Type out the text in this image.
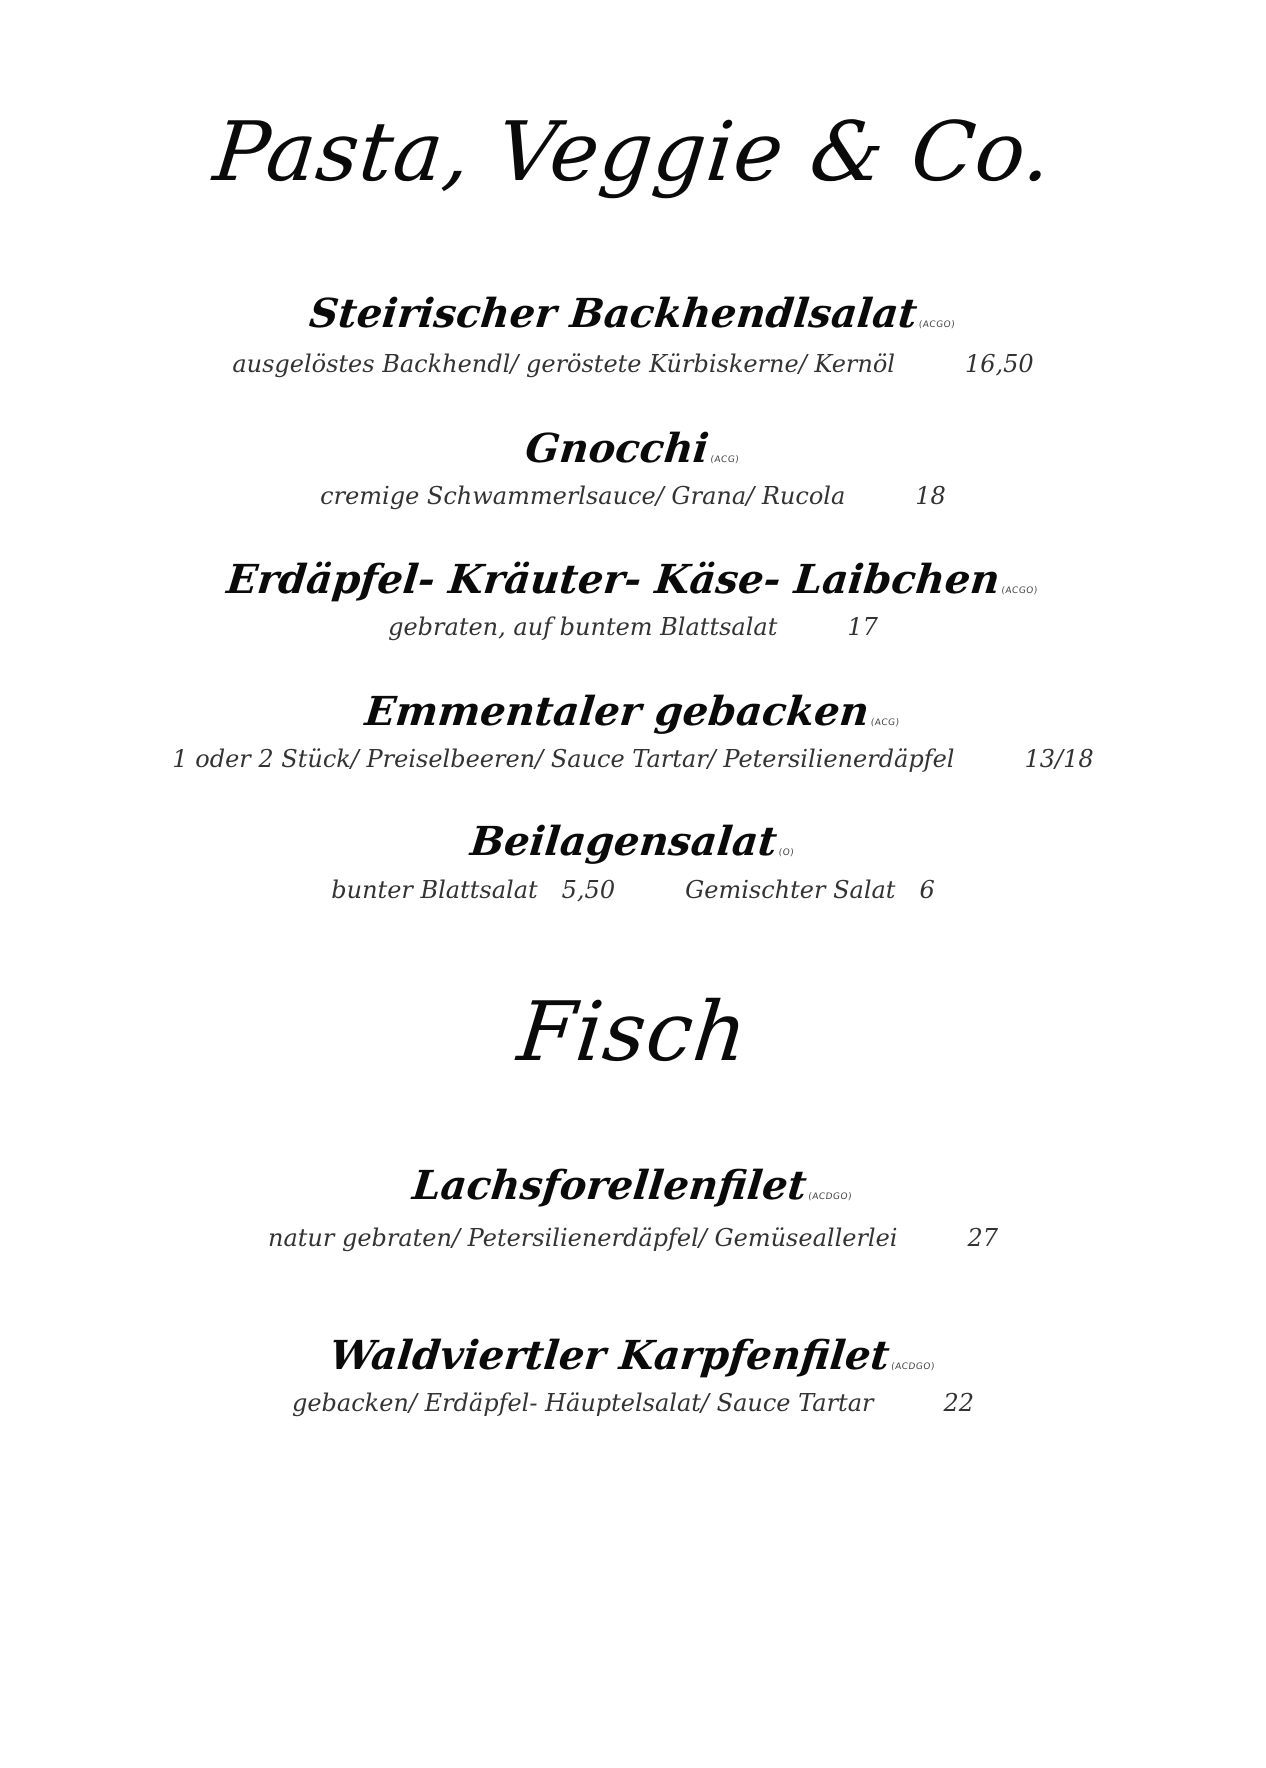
Pasta, Veggie & Co.
Steirischer Backhendlsalat(ACGO)
ausgelöstes Backhendl/ geröstete Kürbiskerne/ Kernöl	16,50
Gnocchi(ACG)
cremige Schwammerlsauce/ Grana/ Rucola	18
Erdäpfel- Kräuter- Käse- Laibchen(ACGO)
gebraten, auf buntem Blattsalat	17
Emmentaler gebacken(ACG)
1 oder 2 Stück/ Preiselbeeren/ Sauce Tartar/ Petersilienerdäpfel	13/18
Beilagensalat(O)
bunter Blattsalat 5,50	Gemischter Salat 6
Fisch
Lachsforellenfilet(ACDGO)
natur gebraten/ Petersilienerdäpfel/ Gemüseallerlei	27
Waldviertler Karpfenfilet(ACDGO)
gebacken/ Erdäpfel- Häuptelsalat/ Sauce Tartar	22
